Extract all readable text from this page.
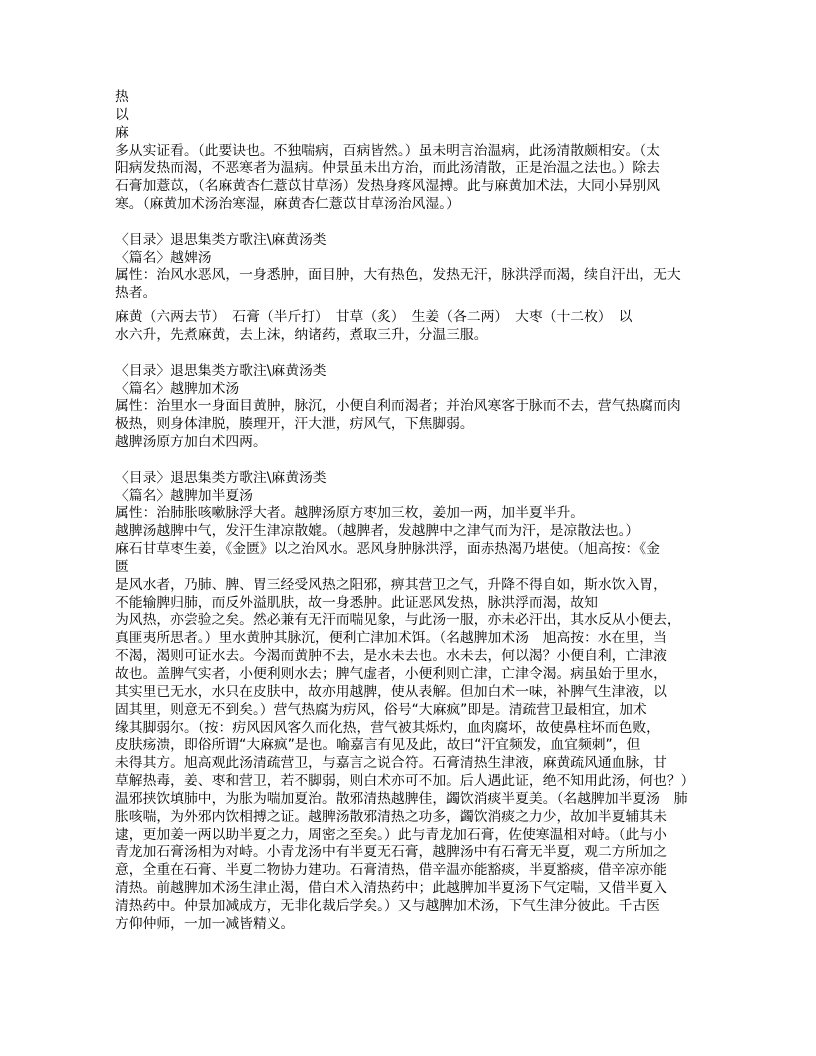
热
以
麻
多从实证看。（此要诀也。不独喘病，百病皆然。）虽未明言治温病，此汤清散颇相安。（太
阳病发热而渴，不恶寒者为温病。仲景虽未出方治，而此汤清散，正是治温之法也。）除去
石膏加薏苡，（名麻黄杏仁薏苡甘草汤）发热身疼风湿搏。此与麻黄加术法，大同小异别风
寒。（麻黄加术汤治寒湿，麻黄杏仁薏苡甘草汤治风湿。）
〈目录〉退思集类方歌注\麻黄汤类
〈篇名〉越婢汤
属性：治风水恶风，一身悉肿，面目肿，大有热色，发热无汗，脉洪浮而渴，续自汗出，无大
热者。
麻黄（六两去节）　石膏（半斤打）　甘草（炙）　生姜（各二两）　大枣（十二枚）　以
水六升，先煮麻黄，去上沫，纳诸药，煮取三升，分温三服。
〈目录〉退思集类方歌注\麻黄汤类
〈篇名〉越脾加术汤
属性：治里水一身面目黄肿，脉沉，小便自利而渴者；并治风寒客于脉而不去，营气热腐而肉
极热，则身体津脱，腠理开，汗大泄，疠风气，下焦脚弱。
越脾汤原方加白术四两。
〈目录〉退思集类方歌注\麻黄汤类
〈篇名〉越脾加半夏汤
属性：治肺胀咳嗽脉浮大者。越脾汤原方枣加三枚，姜加一两，加半夏半升。
越脾汤越脾中气，发汗生津凉散媲。（越脾者，发越脾中之津气而为汗，是凉散法也。）
麻石甘草枣生姜，《金匮》以之治风水。恶风身肿脉洪浮，面赤热渴乃堪使。（旭高按：《金
匮
是风水者，乃肺、脾、胃三经受风热之阳邪，痹其营卫之气，升降不得自如，斯水饮入胃，
不能输脾归肺，而反外溢肌肤，故一身悉肿。此证恶风发热，脉洪浮而渴，故知
为风热，亦尝验之矣。然必兼有无汗而喘见象，与此汤一服，亦未必汗出，其水反从小便去，
真匪夷所思者。）里水黄肿其脉沉，便利亡津加术饵。（名越脾加术汤　旭高按：水在里，当
不渴，渴则可证水去。今渴而黄肿不去，是水未去也。水未去，何以渴？小便自利，亡津液
故也。盖脾气实者，小便利则水去；脾气虚者，小便利则亡津，亡津令渴。病虽始于里水，
其实里已无水，水只在皮肤中，故亦用越脾，使从表解。但加白术一味，补脾气生津液，以
固其里，则意无不到矣。）营气热腐为疠风，俗号“大麻疯”即是。清疏营卫最相宜，加术
缘其脚弱尔。（按：疠风因风客久而化热，营气被其烁灼，血肉腐坏，故使鼻柱坏而色败，
皮肤疡溃，即俗所谓“大麻疯”是也。喻嘉言有见及此，故曰“汗宜频发，血宜频刺”，但
未得其方。旭高观此汤清疏营卫，与嘉言之说合符。石膏清热生津液，麻黄疏风通血脉，甘
草解热毒，姜、枣和营卫，若不脚弱，则白术亦可不加。后人遇此证，绝不知用此汤，何也？）
温邪挟饮填肺中，为胀为喘加夏治。散邪清热越脾佳，蠲饮消痰半夏美。（名越脾加半夏汤　肺
胀咳喘，为外邪内饮相搏之证。越脾汤散邪清热之功多，蠲饮消痰之力少，故加半夏辅其未
逮，更加姜一两以助半夏之力，周密之至矣。）此与青龙加石膏，佐使寒温相对峙。（此与小
青龙加石膏汤相为对峙。小青龙汤中有半夏无石膏，越脾汤中有石膏无半夏，观二方所加之
意，全重在石膏、半夏二物协力建功。石膏清热，借辛温亦能豁痰，半夏豁痰，借辛凉亦能
清热。前越脾加术汤生津止渴，借白术入清热药中；此越脾加半夏汤下气定喘，又借半夏入
清热药中。仲景加减成方，无非化裁后学矣。）又与越脾加术汤，下气生津分彼此。千古医
方仰仲师，一加一减皆精义。
